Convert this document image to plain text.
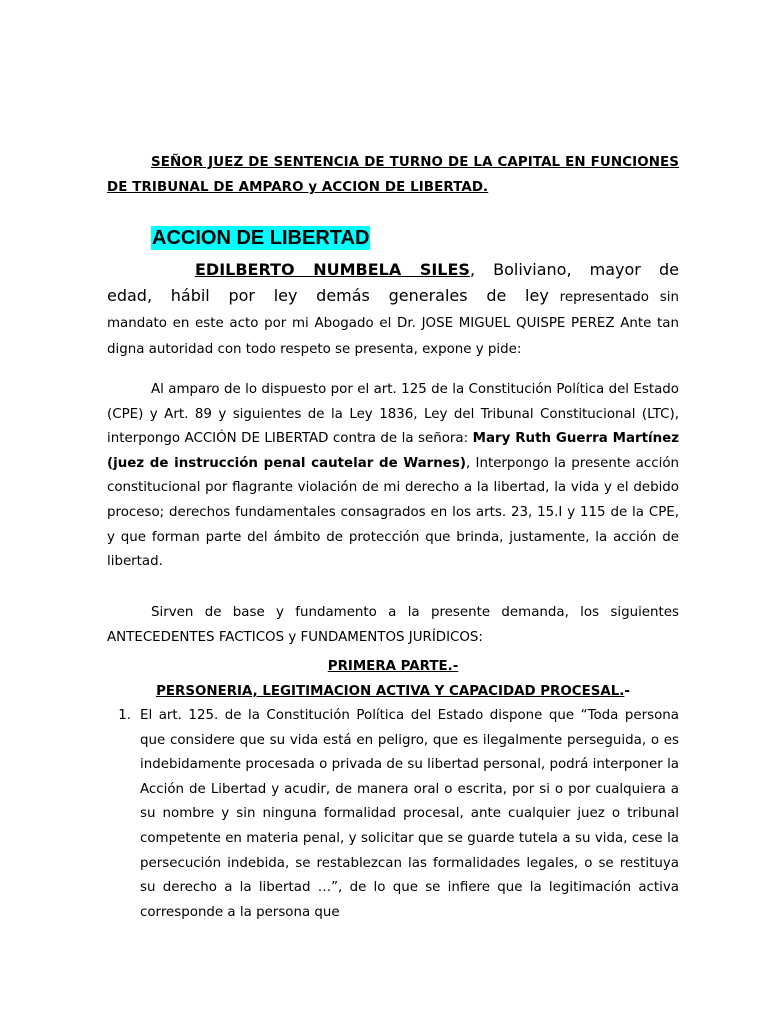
SEÑOR JUEZ DE SENTENCIA DE TURNO DE LA CAPITAL EN FUNCIONES DE TRIBUNAL DE AMPARO y ACCION DE LIBERTAD.
ACCION DE LIBERTAD
EDILBERTO NUMBELA SILES, Boliviano, mayor de
edad, hábil por ley demás generales de ley representado sin mandato en este acto por mi Abogado el Dr. JOSE MIGUEL QUISPE PEREZ Ante tan digna autoridad con todo respeto se presenta, expone y pide:
Al amparo de lo dispuesto por el art. 125 de la Constitución Política del Estado (CPE) y Art. 89 y siguientes de la Ley 1836, Ley del Tribunal Constitucional (LTC), interpongo ACCIÓN DE LIBERTAD contra de la señora: Mary Ruth Guerra Martínez (juez de instrucción penal cautelar de Warnes), Interpongo la presente acción constitucional por flagrante violación de mi derecho a la libertad, la vida y el debido proceso; derechos fundamentales consagrados en los arts. 23, 15.I y 115 de la CPE, y que forman parte del ámbito de protección que brinda, justamente, la acción de libertad.
Sirven de base y fundamento a la presente demanda, los siguientes ANTECEDENTES FACTICOS y FUNDAMENTOS JURÍDICOS:
PRIMERA PARTE.-
PERSONERIA, LEGITIMACION ACTIVA Y CAPACIDAD PROCESAL.-
1. El art. 125. de la Constitución Política del Estado dispone que “Toda persona que considere que su vida está en peligro, que es ilegalmente perseguida, o es indebidamente procesada o privada de su libertad personal, podrá interponer la Acción de Libertad y acudir, de manera oral o escrita, por si o por cualquiera a su nombre y sin ninguna formalidad procesal, ante cualquier juez o tribunal competente en materia penal, y solicitar que se guarde tutela a su vida, cese la persecución indebida, se restablezcan las formalidades legales, o se restituya su derecho a la libertad …”, de lo que se infiere que la legitimación activa corresponde a la persona que
